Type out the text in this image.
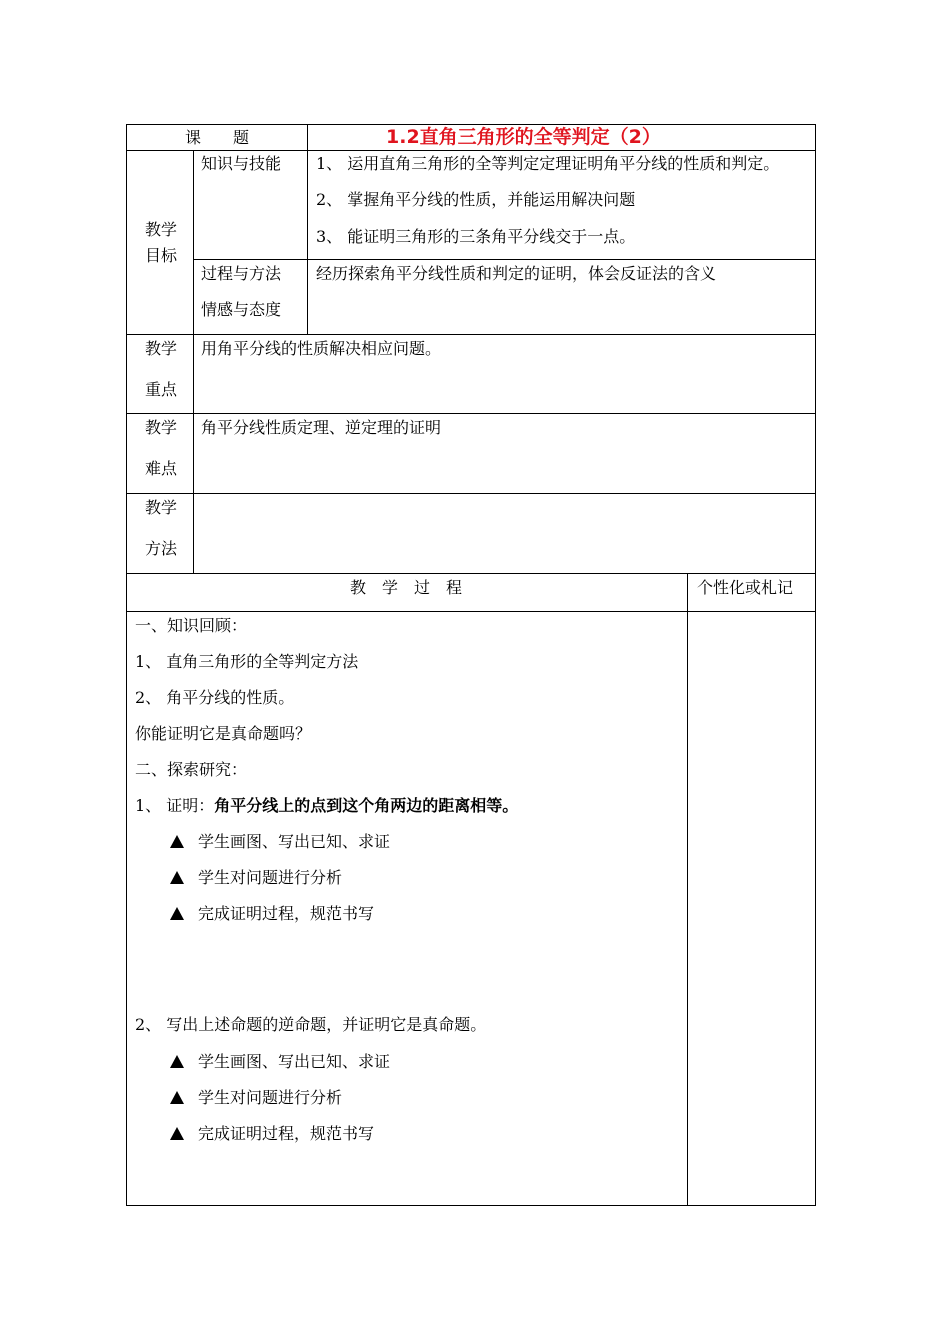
课　　题	1.2直角三角形的全等判定（2）
教学
目标
知识与技能 1、 运用直角三角形的全等判定定理证明角平分线的性质和判定。
2、 掌握角平分线的性质，并能运用解决问题
3、 能证明三角形的三条角平分线交于一点。
过程与方法
情感与态度
经历探索角平分线性质和判定的证明，体会反证法的含义
教学
重点
用角平分线的性质解决相应问题。
教学
难点
角平分线性质定理、逆定理的证明
教学
方法
教　学　过　程	个性化或札记
一、知识回顾：
1、 直角三角形的全等判定方法
2、 角平分线的性质。
你能证明它是真命题吗？
二、探索研究：
1、 证明：角平分线上的点到这个角两边的距离相等。
学生画图、写出已知、求证
学生对问题进行分析
完成证明过程，规范书写
2、 写出上述命题的逆命题，并证明它是真命题。
学生画图、写出已知、求证
学生对问题进行分析
完成证明过程，规范书写
